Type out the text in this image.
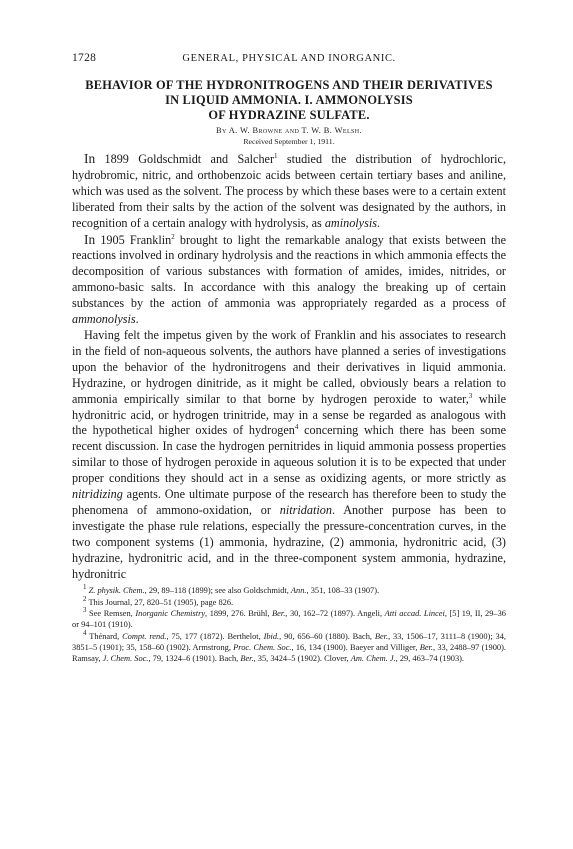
1728	GENERAL, PHYSICAL AND INORGANIC.

BEHAVIOR OF THE HYDRONITROGENS AND THEIR DERIVATIVES

IN LIQUID AMMONIA. I. AMMONOLYSIS

OF HYDRAZINE SULFATE.

By A. W. Browne and T. W. B. Welsh.
Received September 1, 1911.

In 1899 Goldschmidt and Salcher$^1$ studied the distribution of hydrochloric, hydrobromic, nitric, and orthobenzoic acids between certain tertiary bases and aniline, which was used as the solvent. The process by which these bases were to a certain extent liberated from their salts by the action of the solvent was designated by the authors, in recognition of a certain analogy with hydrolysis, as aminolysis.

In 1905 Franklin$^2$ brought to light the remarkable analogy that exists between the reactions involved in ordinary hydrolysis and the reactions in which ammonia effects the decomposition of various substances with formation of amides, imides, nitrides, or ammono-basic salts. In accordance with this analogy the breaking up of certain substances by the action of ammonia was appropriately regarded as a process of ammonolysis.

Having felt the impetus given by the work of Franklin and his associates to research in the field of non-aqueous solvents, the authors have planned a series of investigations upon the behavior of the hydronitrogens and their derivatives in liquid ammonia. Hydrazine, or hydrogen dinitride, as it might be called, obviously bears a relation to ammonia empirically similar to that borne by hydrogen peroxide to water,$^3$ while hydronitric acid, or hydrogen trinitride, may in a sense be regarded as analogous with the hypothetical higher oxides of hydrogen$^4$ concerning which there has been some recent discussion. In case the hydrogen pernitrides in liquid ammonia possess properties similar to those of hydrogen peroxide in aqueous solution it is to be expected that under proper conditions they should act in a sense as oxidizing agents, or more strictly as nitridizing agents. One ultimate purpose of the research has therefore been to study the phenomena of ammono-oxidation, or nitridation. Another purpose has been to investigate the phase rule relations, especially the pressure-concentration curves, in the two component systems (1) ammonia, hydrazine, (2) ammonia, hydronitric acid, (3) hydrazine, hydronitric acid, and in the three-component system ammonia, hydrazine, hydronitric

$^1$ Z. physik. Chem., 29, 89–118 (1899); see also Goldschmidt, Ann., 351, 108–33 (1907).

$^2$ This Journal, 27, 820–51 (1905), page 826.

$^3$ See Remsen, Inorganic Chemistry, 1899, 276. Brühl, Ber., 30, 162–72 (1897). Angeli, Atti accad. Lincei, [5] 19, II, 29–36 or 94–101 (1910).

$^4$ Thénard, Compt. rend., 75, 177 (1872). Berthelot, Ibid., 90, 656–60 (1880). Bach, Ber., 33, 1506–17, 3111–8 (1900); 34, 3851–5 (1901); 35, 158–60 (1902). Armstrong, Proc. Chem. Soc., 16, 134 (1900). Baeyer and Villiger, Ber., 33, 2488–97 (1900). Ramsay, J. Chem. Soc., 79, 1324–6 (1901). Bach, Ber., 35, 3424–5 (1902). Clover, Am. Chem. J., 29, 463–74 (1903).
